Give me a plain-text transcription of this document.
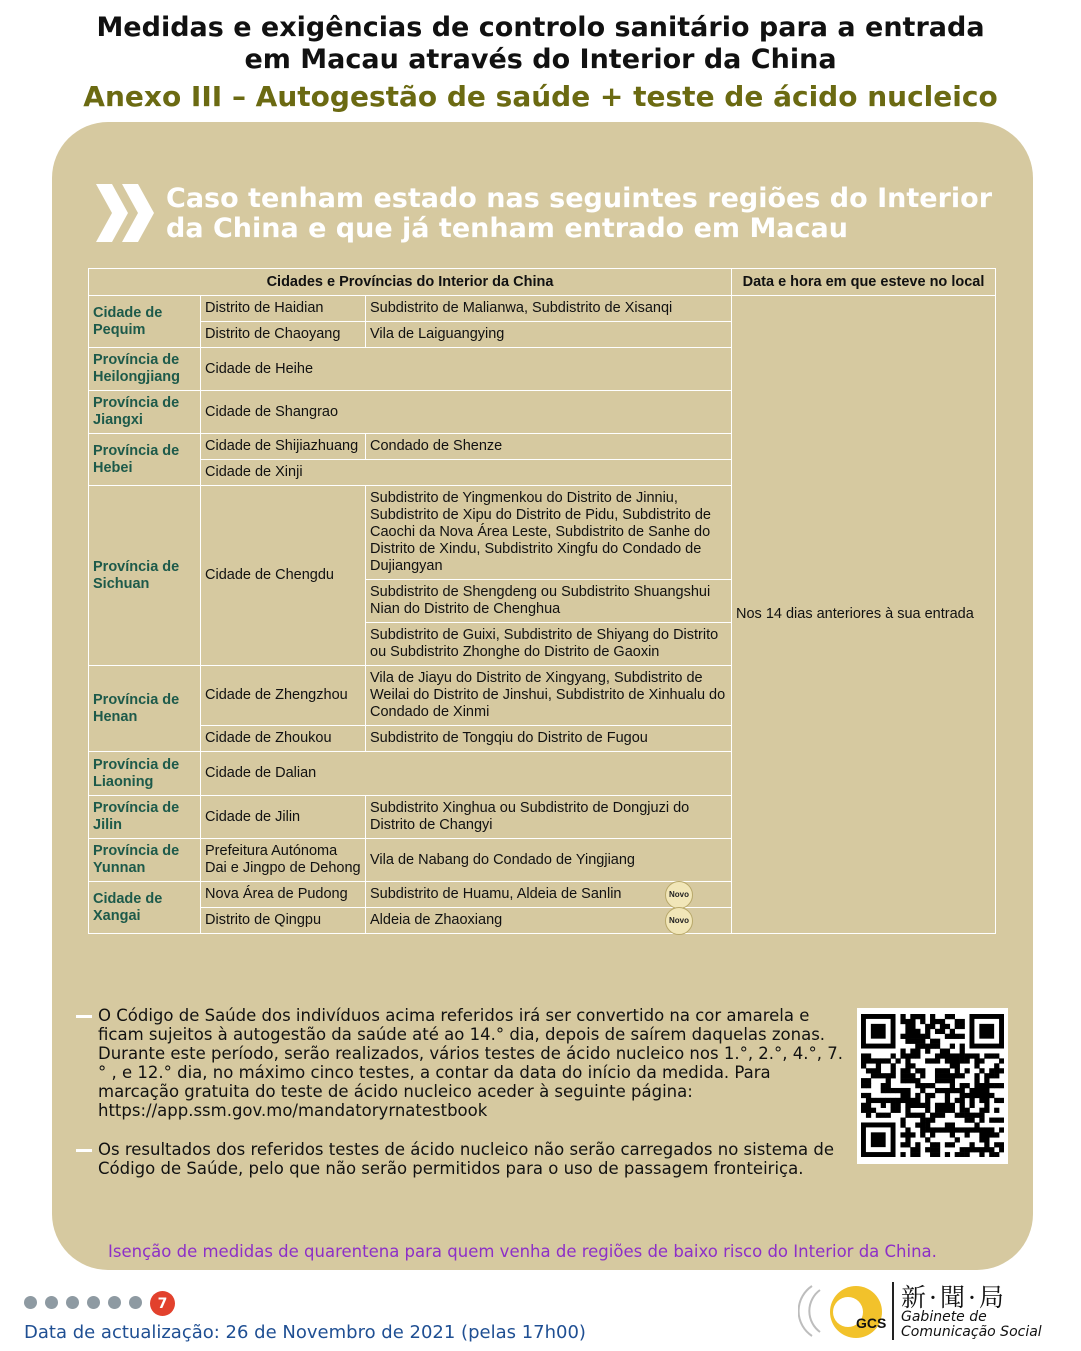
Medidas e exigências de controlo sanitário para a entrada
em Macau através do Interior da China
Anexo III – Autogestão de saúde + teste de ácido nucleico
Caso tenham estado nas seguintes regiões do Interior da China e que já tenham entrado em Macau
Cidades e Províncias do Interior da China			Data e hora em que esteve no local
Cidade de Pequim	Distrito de Haidian	Subdistrito de Malianwa, Subdistrito de Xisanqi	Nos 14 dias anteriores à sua entrada
	Distrito de Chaoyang	Vila de Laiguangying	
Província de Heilongjiang	Cidade de Heihe		
Província de Jiangxi	Cidade de Shangrao		
Província de Hebei	Cidade de Shijiazhuang	Condado de Shenze	
	Cidade de Xinji		
Província de Sichuan	Cidade de Chengdu	Subdistrito de Yingmenkou do Distrito de Jinniu, Subdistrito de Xipu do Distrito de Pidu, Subdistrito de Caochi da Nova Área Leste, Subdistrito de Sanhe do Distrito de Xindu, Subdistrito Xingfu do Condado de Dujiangyan	
		Subdistrito de Shengdeng ou Subdistrito Shuangshui Nian do Distrito de Chenghua	
		Subdistrito de Guixi, Subdistrito de Shiyang do Distrito ou Subdistrito Zhonghe do Distrito de Gaoxin	
Província de Henan	Cidade de Zhengzhou	Vila de Jiayu do Distrito de Xingyang, Subdistrito de Weilai do Distrito de Jinshui, Subdistrito de Xinhualu do Condado de Xinmi	
	Cidade de Zhoukou	Subdistrito de Tongqiu do Distrito de Fugou	
Província de Liaoning	Cidade de Dalian		
Província de Jilin	Cidade de Jilin	Subdistrito Xinghua ou Subdistrito de Dongjuzi do Distrito de Changyi	
Província de Yunnan	Prefeitura Autónoma Dai e Jingpo de Dehong	Vila de Nabang do Condado de Yingjiang	
Cidade de Xangai	Nova Área de Pudong	Subdistrito de Huamu, Aldeia de Sanlin Novo	

	Distrito de Qingpu	Aldeia de Zhaoxiang Novo	
O Código de Saúde dos indivíduos acima referidos irá ser convertido na cor amarela e ficam sujeitos à autogestão da saúde até ao 14.° dia, depois de saírem daquelas zonas. Durante este período, serão realizados, vários testes de ácido nucleico nos 1.°, 2.°, 4.°, 7.° , e 12.° dia, no máximo cinco testes, a contar da data do início da medida. Para marcação gratuita do teste de ácido nucleico aceder à seguinte página:
https://app.ssm.gov.mo/mandatoryrnatestbook
Os resultados dos referidos testes de ácido nucleico não serão carregados no sistema de Código de Saúde, pelo que não serão permitidos para o uso de passagem fronteiriça.
Isenção de medidas de quarentena para quem venha de regiões de baixo risco do Interior da China.
7
Data de actualização: 26 de Novembro de 2021 (pelas 17h00)	GCS
新·聞·局
Gabinete de
Comunicação Social
